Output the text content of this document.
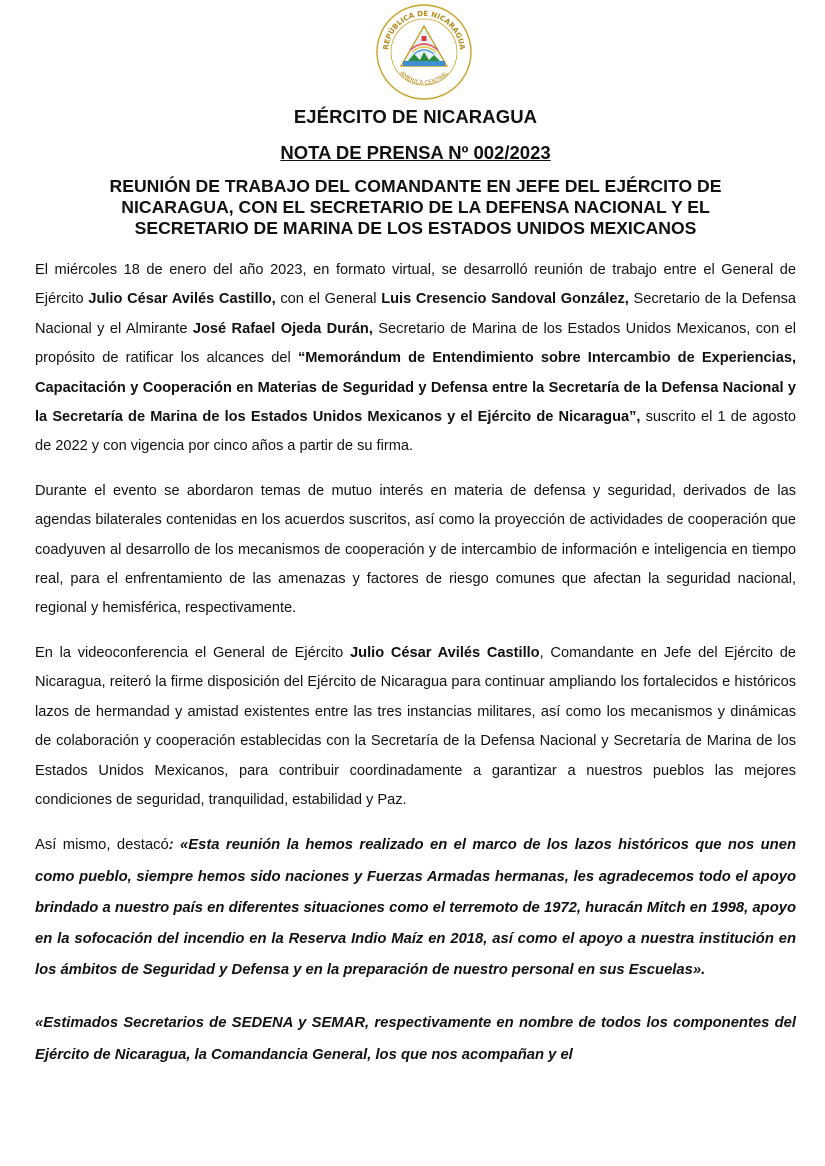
REPÚBLICA DE NICARAGUA
AMÉRICA CENTRAL
EJÉRCITO DE NICARAGUA
NOTA DE PRENSA Nº 002/2023
REUNIÓN DE TRABAJO DEL COMANDANTE EN JEFE DEL EJÉRCITO DE
NICARAGUA, CON EL SECRETARIO DE LA DEFENSA NACIONAL Y EL
SECRETARIO DE MARINA DE LOS ESTADOS UNIDOS MEXICANOS

El miércoles 18 de enero del año 2023, en formato virtual, se desarrolló reunión de trabajo entre el General de Ejército Julio César Avilés Castillo, con el General Luis Cresencio Sandoval González, Secretario de la Defensa Nacional y el Almirante José Rafael Ojeda Durán, Secretario de Marina de los Estados Unidos Mexicanos, con el propósito de ratificar los alcances del “Memorándum de Entendimiento sobre Intercambio de Experiencias, Capacitación y Cooperación en Materias de Seguridad y Defensa entre la Secretaría de la Defensa Nacional y la Secretaría de Marina de los Estados Unidos Mexicanos y el Ejército de Nicaragua”, suscrito el 1 de agosto de 2022 y con vigencia por cinco años a partir de su firma.

Durante el evento se abordaron temas de mutuo interés en materia de defensa y seguridad, derivados de las agendas bilaterales contenidas en los acuerdos suscritos, así como la proyección de actividades de cooperación que coadyuven al desarrollo de los mecanismos de cooperación y de intercambio de información e inteligencia en tiempo real, para el enfrentamiento de las amenazas y factores de riesgo comunes que afectan la seguridad nacional, regional y hemisférica, respectivamente.

En la videoconferencia el General de Ejército Julio César Avilés Castillo, Comandante en Jefe del Ejército de Nicaragua, reiteró la firme disposición del Ejército de Nicaragua para continuar ampliando los fortalecidos e históricos lazos de hermandad y amistad existentes entre las tres instancias militares, así como los mecanismos y dinámicas de colaboración y cooperación establecidas con la Secretaría de la Defensa Nacional y Secretaría de Marina de los Estados Unidos Mexicanos, para contribuir coordinadamente a garantizar a nuestros pueblos las mejores condiciones de seguridad, tranquilidad, estabilidad y Paz.

Así mismo, destacó: «Esta reunión la hemos realizado en el marco de los lazos históricos que nos unen como pueblo, siempre hemos sido naciones y Fuerzas Armadas hermanas, les agradecemos todo el apoyo brindado a nuestro país en diferentes situaciones como el terremoto de 1972, huracán Mitch en 1998, apoyo en la sofocación del incendio en la Reserva Indio Maíz en 2018, así como el apoyo a nuestra institución en los ámbitos de Seguridad y Defensa y en la preparación de nuestro personal en sus Escuelas».

«Estimados Secretarios de SEDENA y SEMAR, respectivamente en nombre de todos los componentes del Ejército de Nicaragua, la Comandancia General, los que nos acompañan y el
